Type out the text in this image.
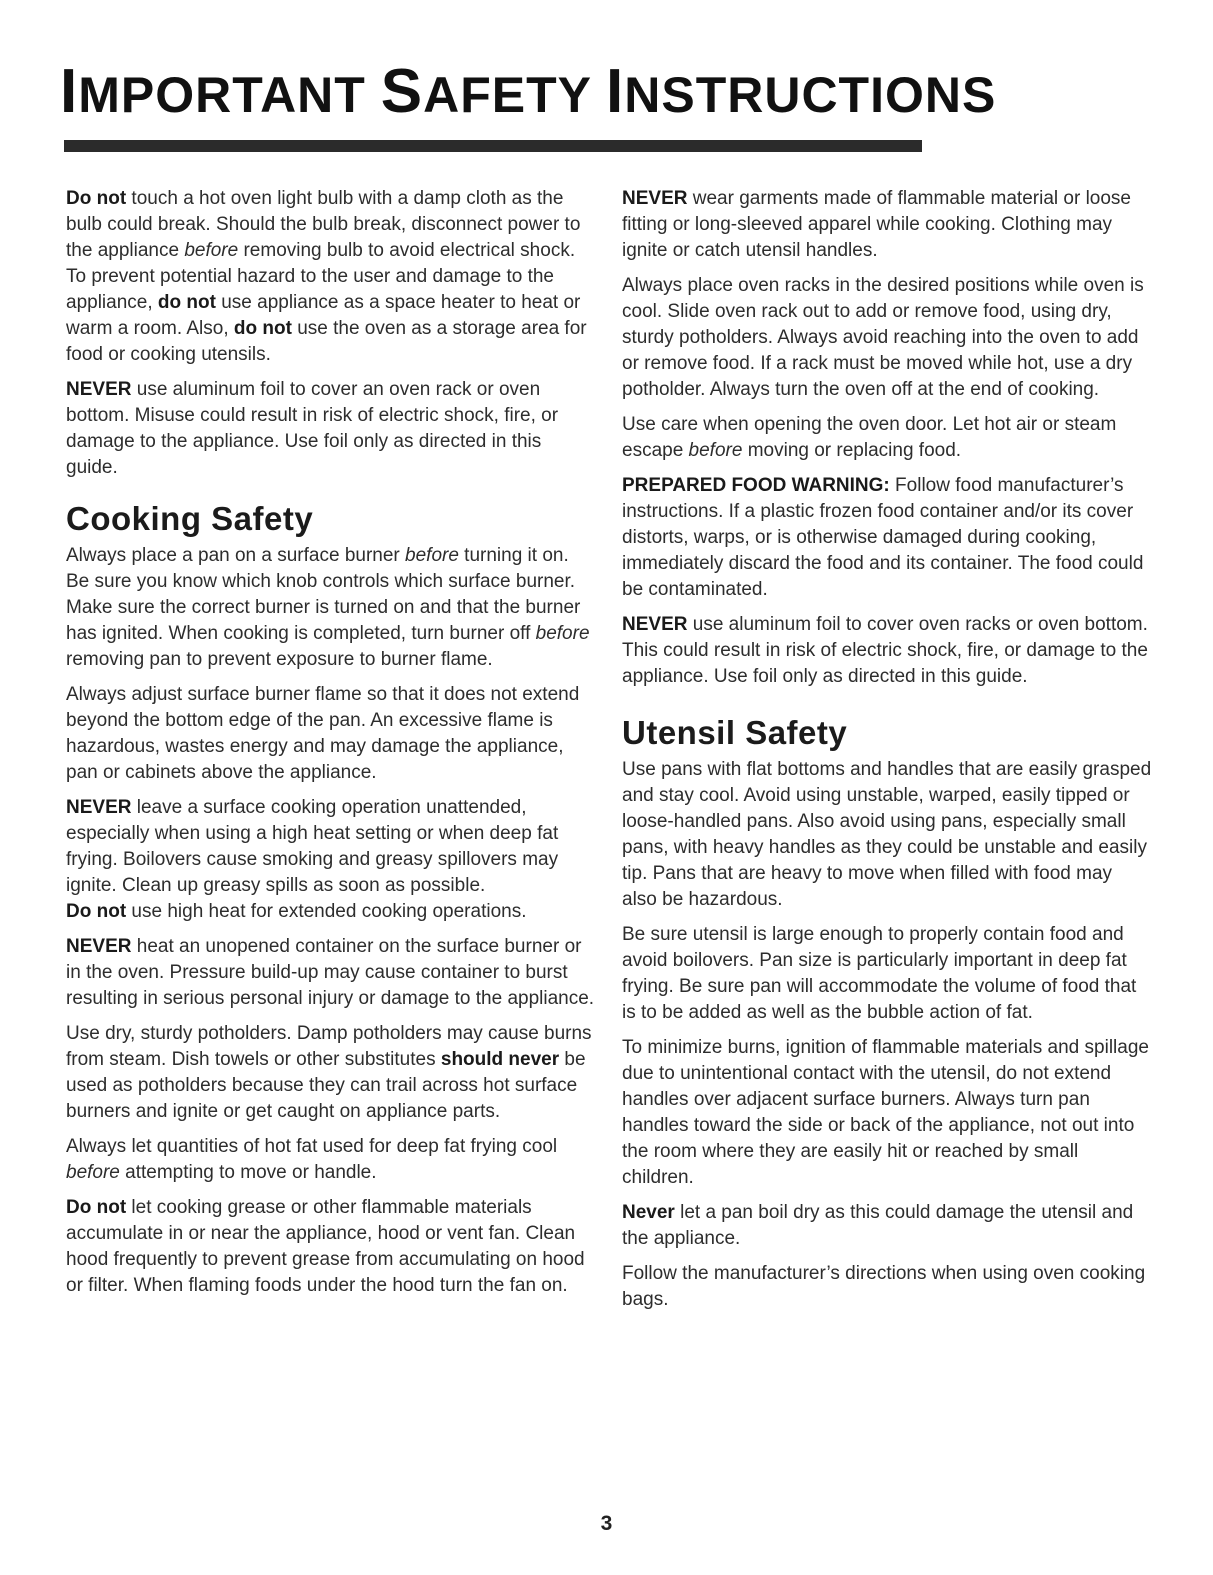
IMPORTANT SAFETY INSTRUCTIONS

Do not touch a hot oven light bulb with a damp cloth as the bulb could break. Should the bulb break, disconnect power to the appliance before removing bulb to avoid electrical shock.

To prevent potential hazard to the user and damage to the appliance, do not use appliance as a space heater to heat or warm a room. Also, do not use the oven as a storage area for food or cooking utensils.

NEVER use aluminum foil to cover an oven rack or oven bottom. Misuse could result in risk of electric shock, fire, or damage to the appliance. Use foil only as directed in this guide.

Cooking Safety

Always place a pan on a surface burner before turning it on. Be sure you know which knob controls which surface burner. Make sure the correct burner is turned on and that the burner has ignited. When cooking is completed, turn burner off before removing pan to prevent exposure to burner flame.

Always adjust surface burner flame so that it does not extend beyond the bottom edge of the pan. An excessive flame is hazardous, wastes energy and may damage the appliance, pan or cabinets above the appliance.

NEVER leave a surface cooking operation unattended, especially when using a high heat setting or when deep fat frying. Boilovers cause smoking and greasy spillovers may ignite. Clean up greasy spills as soon as possible.

Do not use high heat for extended cooking operations.

NEVER heat an unopened container on the surface burner or in the oven. Pressure build-up may cause container to burst resulting in serious personal injury or damage to the appliance.

Use dry, sturdy potholders. Damp potholders may cause burns from steam. Dish towels or other substitutes should never be used as potholders because they can trail across hot surface burners and ignite or get caught on appliance parts.

Always let quantities of hot fat used for deep fat frying cool before attempting to move or handle.

Do not let cooking grease or other flammable materials accumulate in or near the appliance, hood or vent fan. Clean hood frequently to prevent grease from accumulating on hood or filter. When flaming foods under the hood turn the fan on.

NEVER wear garments made of flammable material or loose fitting or long-sleeved apparel while cooking. Clothing may ignite or catch utensil handles.

Always place oven racks in the desired positions while oven is cool. Slide oven rack out to add or remove food, using dry, sturdy potholders. Always avoid reaching into the oven to add or remove food. If a rack must be moved while hot, use a dry potholder. Always turn the oven off at the end of cooking.

Use care when opening the oven door. Let hot air or steam escape before moving or replacing food.

PREPARED FOOD WARNING: Follow food manufacturer’s instructions. If a plastic frozen food container and/or its cover distorts, warps, or is otherwise damaged during cooking, immediately discard the food and its container. The food could be contaminated.

NEVER use aluminum foil to cover oven racks or oven bottom. This could result in risk of electric shock, fire, or damage to the appliance. Use foil only as directed in this guide.

Utensil Safety

Use pans with flat bottoms and handles that are easily grasped and stay cool. Avoid using unstable, warped, easily tipped or loose-handled pans. Also avoid using pans, especially small pans, with heavy handles as they could be unstable and easily tip. Pans that are heavy to move when filled with food may also be hazardous.

Be sure utensil is large enough to properly contain food and avoid boilovers. Pan size is particularly important in deep fat frying. Be sure pan will accommodate the volume of food that is to be added as well as the bubble action of fat.

To minimize burns, ignition of flammable materials and spillage due to unintentional contact with the utensil, do not extend handles over adjacent surface burners. Always turn pan handles toward the side or back of the appliance, not out into the room where they are easily hit or reached by small children.

Never let a pan boil dry as this could damage the utensil and the appliance.

Follow the manufacturer’s directions when using oven cooking bags.

3
